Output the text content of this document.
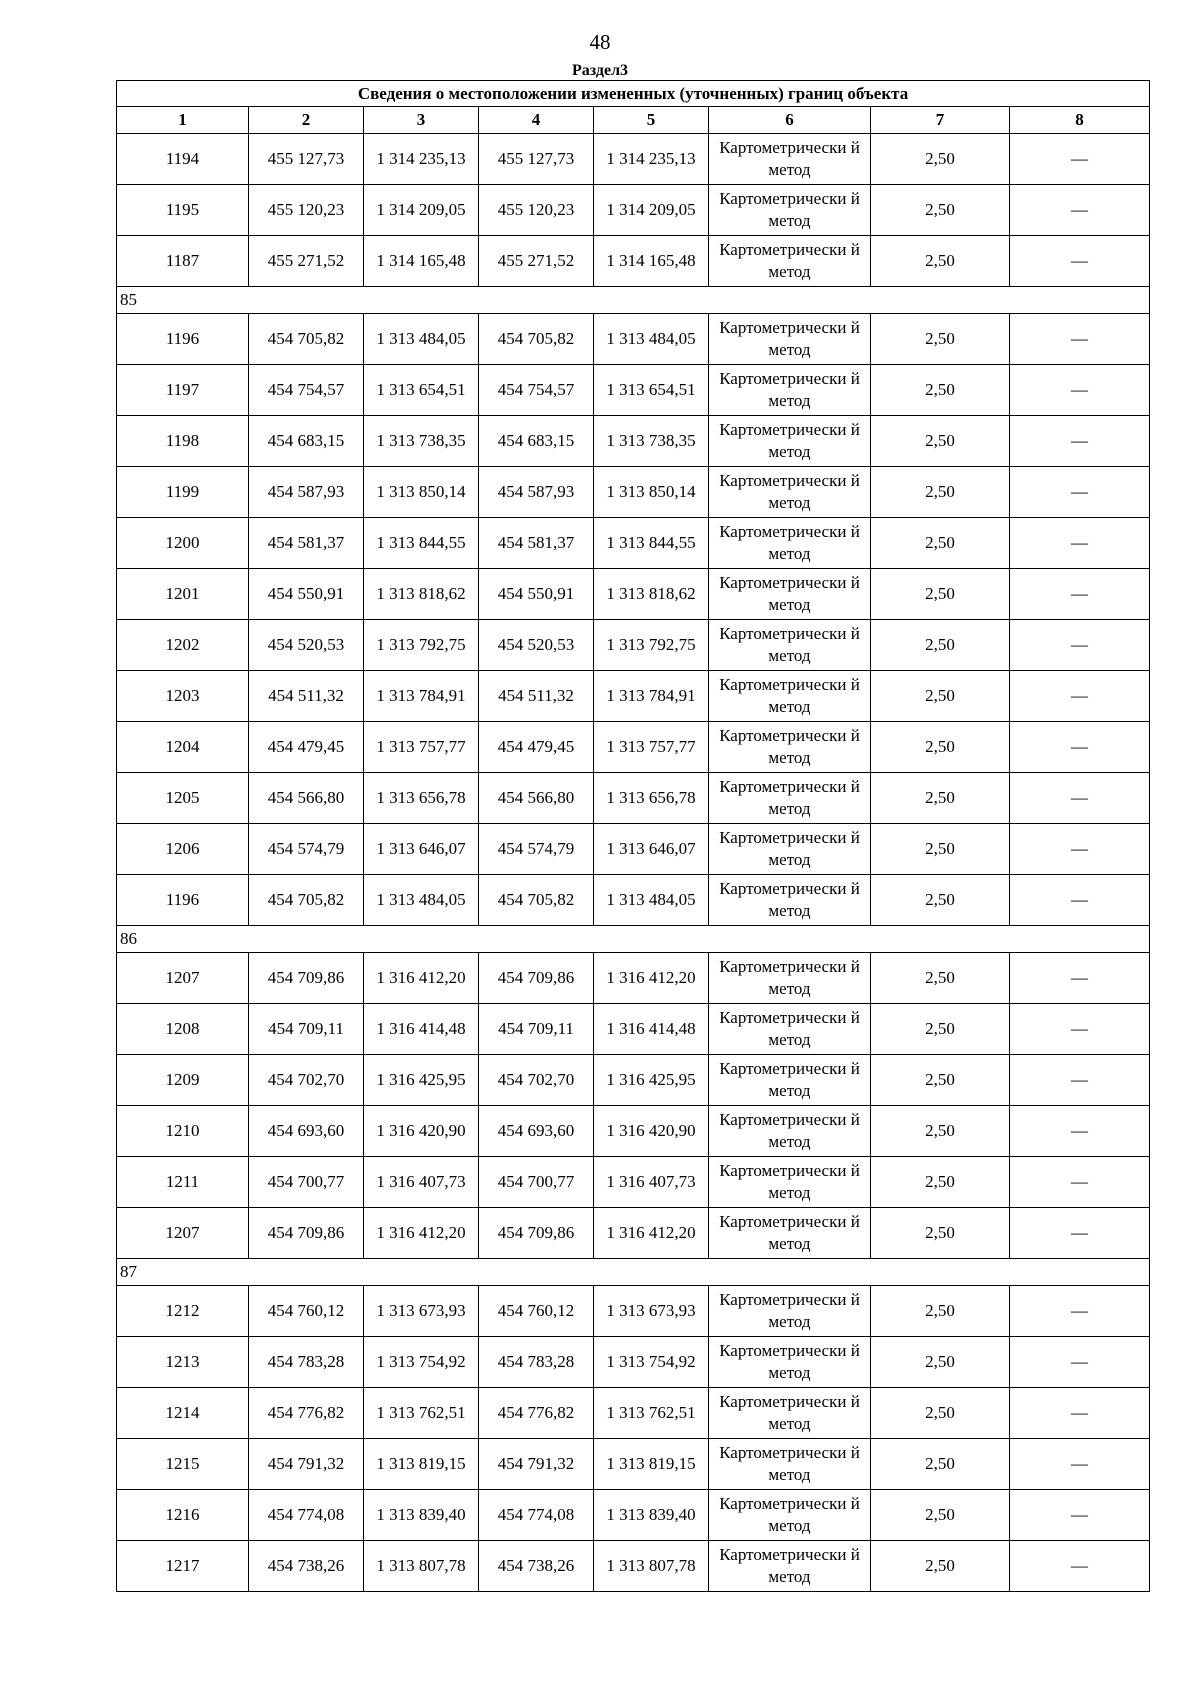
48
Раздел3
Сведения о местоположении измененных (уточненных) границ объекта							
1	2	3	4	5	6	7	8
1194	455 127,73	1 314 235,13	455 127,73	1 314 235,13	Картометрически й метод	2,50	—
1195	455 120,23	1 314 209,05	455 120,23	1 314 209,05	Картометрически й метод	2,50	—
1187	455 271,52	1 314 165,48	455 271,52	1 314 165,48	Картометрически й метод	2,50	—
85							
1196	454 705,82	1 313 484,05	454 705,82	1 313 484,05	Картометрически й метод	2,50	—
1197	454 754,57	1 313 654,51	454 754,57	1 313 654,51	Картометрически й метод	2,50	—
1198	454 683,15	1 313 738,35	454 683,15	1 313 738,35	Картометрически й метод	2,50	—
1199	454 587,93	1 313 850,14	454 587,93	1 313 850,14	Картометрически й метод	2,50	—
1200	454 581,37	1 313 844,55	454 581,37	1 313 844,55	Картометрически й метод	2,50	—
1201	454 550,91	1 313 818,62	454 550,91	1 313 818,62	Картометрически й метод	2,50	—
1202	454 520,53	1 313 792,75	454 520,53	1 313 792,75	Картометрически й метод	2,50	—
1203	454 511,32	1 313 784,91	454 511,32	1 313 784,91	Картометрически й метод	2,50	—
1204	454 479,45	1 313 757,77	454 479,45	1 313 757,77	Картометрически й метод	2,50	—
1205	454 566,80	1 313 656,78	454 566,80	1 313 656,78	Картометрически й метод	2,50	—
1206	454 574,79	1 313 646,07	454 574,79	1 313 646,07	Картометрически й метод	2,50	—
1196	454 705,82	1 313 484,05	454 705,82	1 313 484,05	Картометрически й метод	2,50	—
86							
1207	454 709,86	1 316 412,20	454 709,86	1 316 412,20	Картометрически й метод	2,50	—
1208	454 709,11	1 316 414,48	454 709,11	1 316 414,48	Картометрически й метод	2,50	—
1209	454 702,70	1 316 425,95	454 702,70	1 316 425,95	Картометрически й метод	2,50	—
1210	454 693,60	1 316 420,90	454 693,60	1 316 420,90	Картометрически й метод	2,50	—
1211	454 700,77	1 316 407,73	454 700,77	1 316 407,73	Картометрически й метод	2,50	—
1207	454 709,86	1 316 412,20	454 709,86	1 316 412,20	Картометрически й метод	2,50	—
87							
1212	454 760,12	1 313 673,93	454 760,12	1 313 673,93	Картометрически й метод	2,50	—
1213	454 783,28	1 313 754,92	454 783,28	1 313 754,92	Картометрически й метод	2,50	—
1214	454 776,82	1 313 762,51	454 776,82	1 313 762,51	Картометрически й метод	2,50	—
1215	454 791,32	1 313 819,15	454 791,32	1 313 819,15	Картометрически й метод	2,50	—
1216	454 774,08	1 313 839,40	454 774,08	1 313 839,40	Картометрически й метод	2,50	—
1217	454 738,26	1 313 807,78	454 738,26	1 313 807,78	Картометрически й метод	2,50	—
